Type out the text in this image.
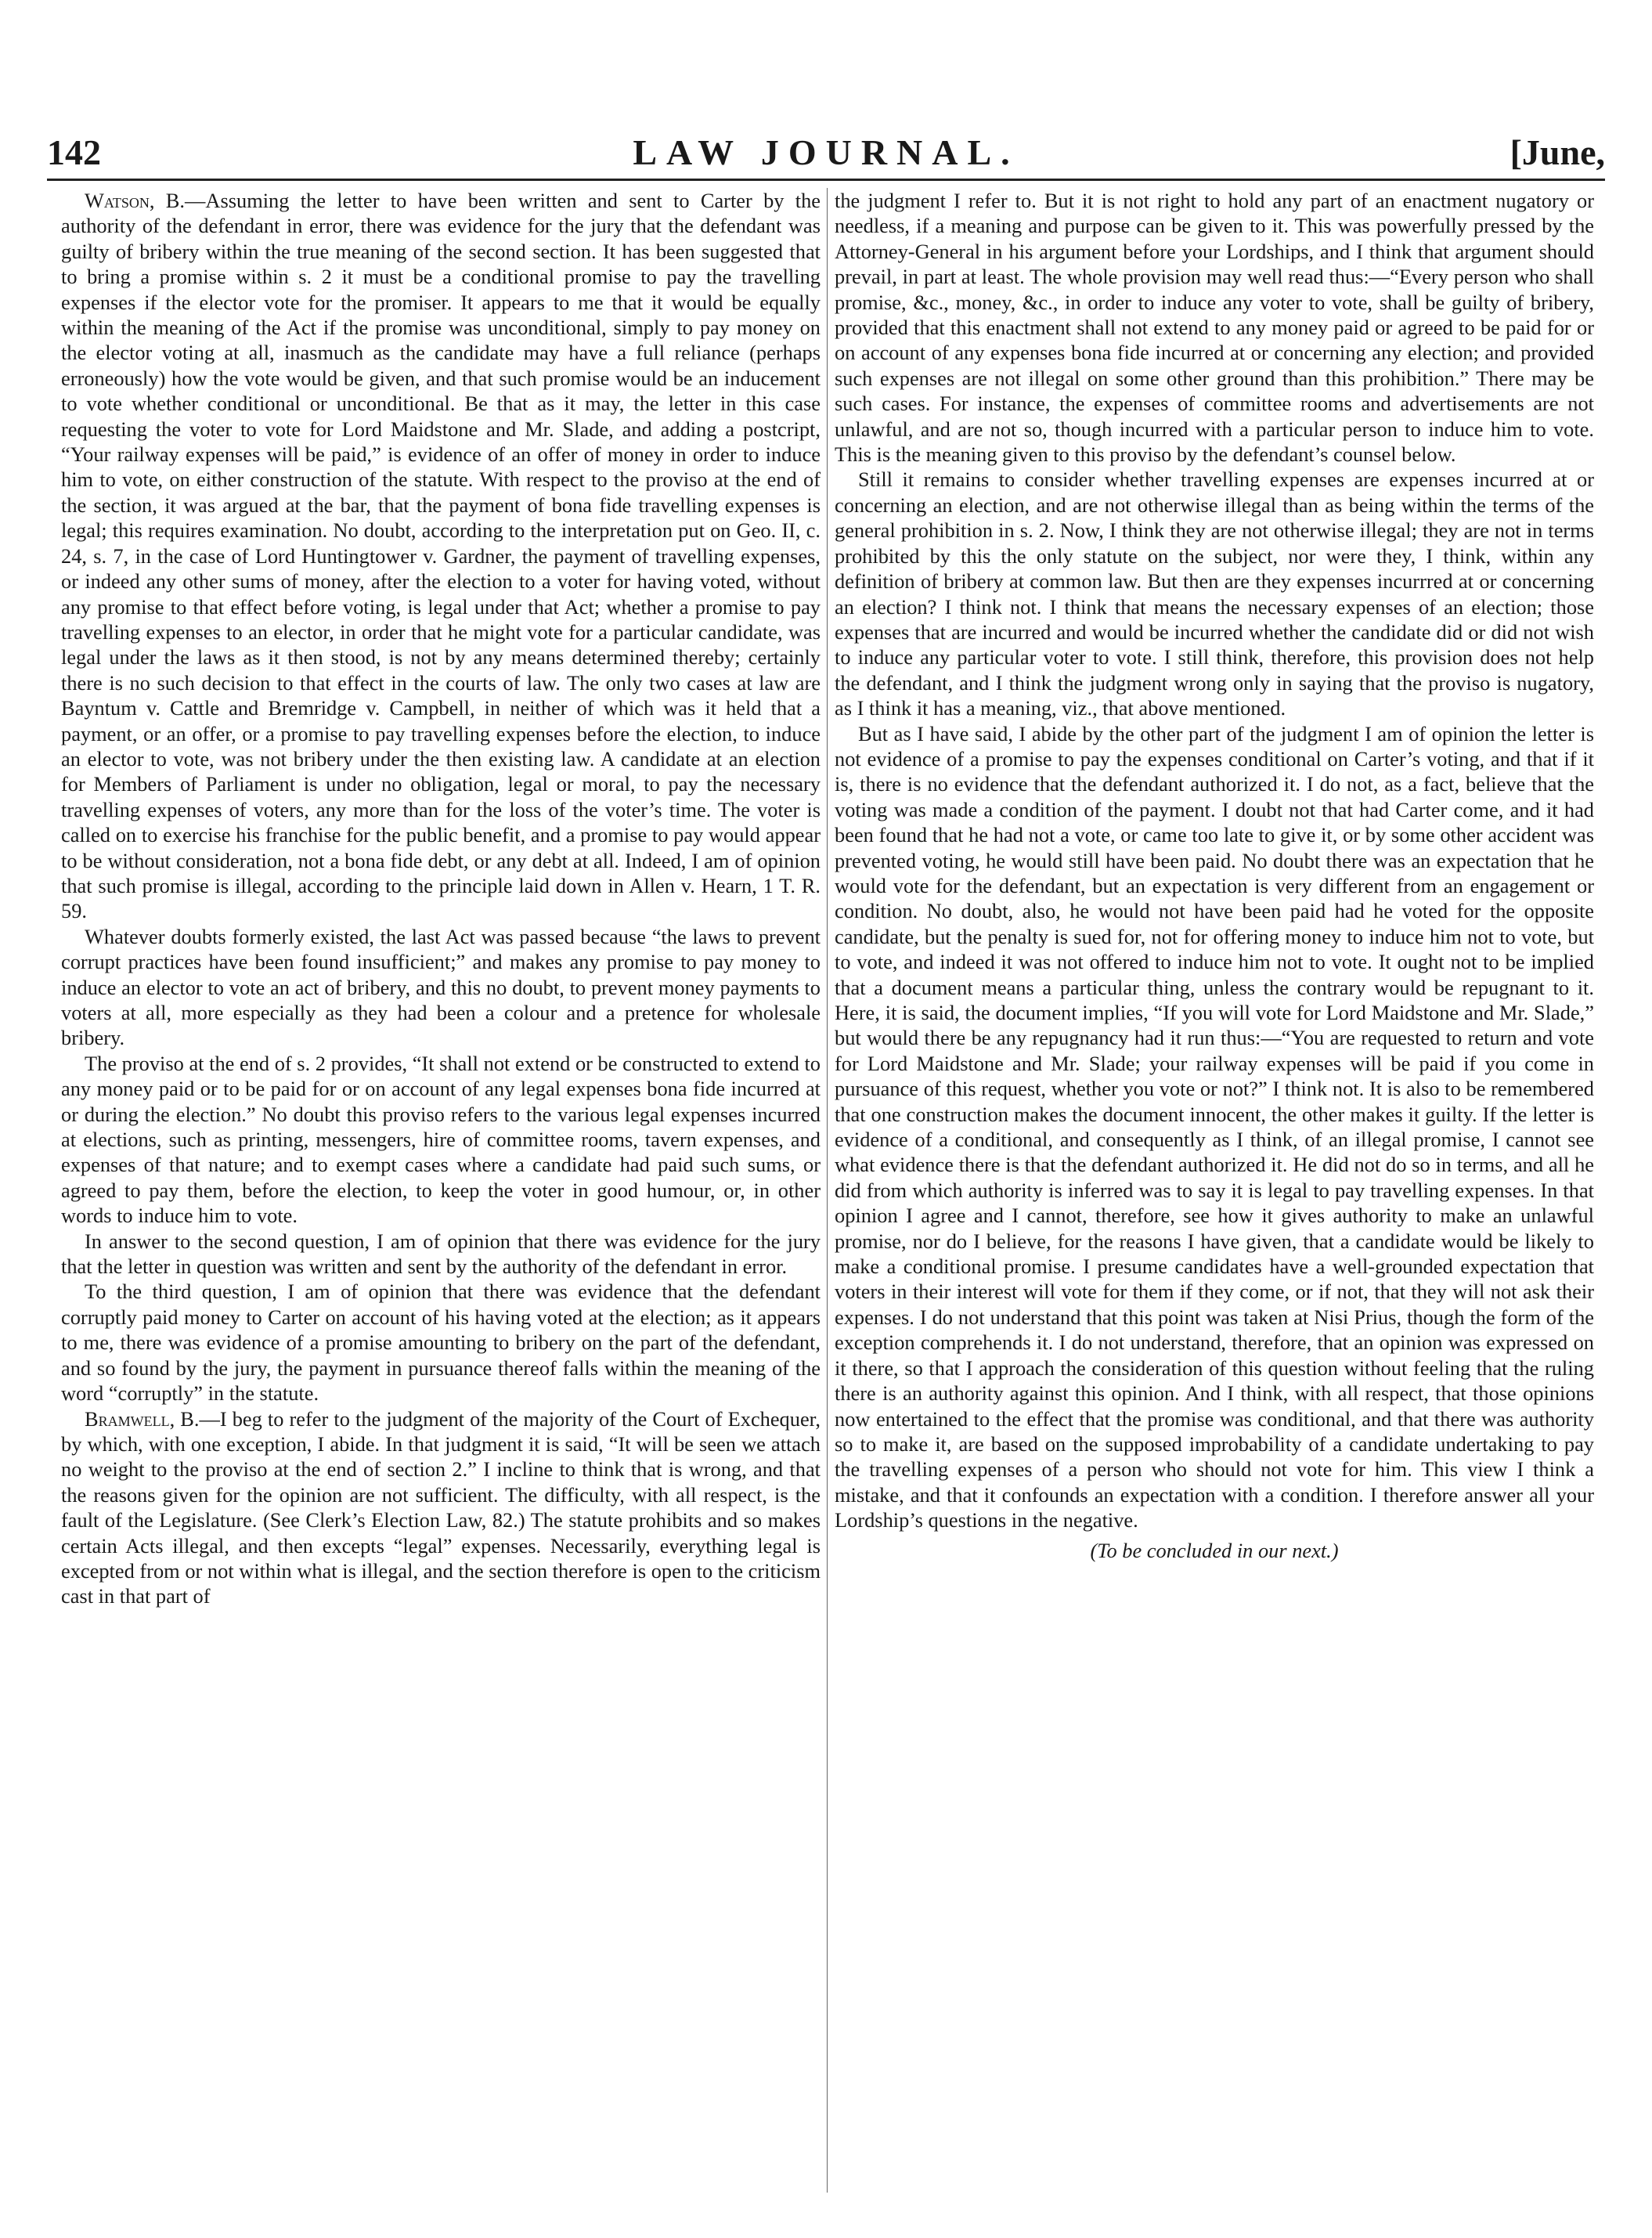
142	LAW JOURNAL.	[June,

Watson, B.—Assuming the letter to have been written and sent to Carter by the authority of the defendant in error, there was evidence for the jury that the defendant was guilty of bribery within the true meaning of the second section. It has been suggested that to bring a promise within s. 2 it must be a conditional promise to pay the travelling expenses if the elector vote for the promiser. It appears to me that it would be equally within the meaning of the Act if the promise was unconditional, simply to pay money on the elector voting at all, inasmuch as the candidate may have a full reliance (perhaps erroneously) how the vote would be given, and that such promise would be an inducement to vote whether conditional or unconditional. Be that as it may, the letter in this case requesting the voter to vote for Lord Maidstone and Mr. Slade, and adding a postcript, “Your railway expenses will be paid,” is evidence of an offer of money in order to induce him to vote, on either construction of the statute. With respect to the proviso at the end of the section, it was argued at the bar, that the payment of bona fide travelling expenses is legal; this requires examination. No doubt, according to the interpretation put on Geo. II, c. 24, s. 7, in the case of Lord Huntingtower v. Gardner, the payment of travelling expenses, or indeed any other sums of money, after the election to a voter for having voted, without any promise to that effect before voting, is legal under that Act; whether a promise to pay travelling expenses to an elector, in order that he might vote for a particular candidate, was legal under the laws as it then stood, is not by any means determined thereby; certainly there is no such decision to that effect in the courts of law. The only two cases at law are Bayntum v. Cattle and Bremridge v. Campbell, in neither of which was it held that a payment, or an offer, or a promise to pay travelling expenses before the election, to induce an elector to vote, was not bribery under the then existing law. A candidate at an election for Members of Parliament is under no obligation, legal or moral, to pay the necessary travelling expenses of voters, any more than for the loss of the voter’s time. The voter is called on to exercise his franchise for the public benefit, and a promise to pay would appear to be without consideration, not a bona fide debt, or any debt at all. Indeed, I am of opinion that such promise is illegal, according to the principle laid down in Allen v. Hearn, 1 T. R. 59.

Whatever doubts formerly existed, the last Act was passed because “the laws to prevent corrupt practices have been found insufficient;” and makes any promise to pay money to induce an elector to vote an act of bribery, and this no doubt, to prevent money payments to voters at all, more especially as they had been a colour and a pretence for wholesale bribery.

The proviso at the end of s. 2 provides, “It shall not extend or be constructed to extend to any money paid or to be paid for or on account of any legal expenses bona fide incurred at or during the election.” No doubt this proviso refers to the various legal expenses incurred at elections, such as printing, messengers, hire of committee rooms, tavern expenses, and expenses of that nature; and to exempt cases where a candidate had paid such sums, or agreed to pay them, before the election, to keep the voter in good humour, or, in other words to induce him to vote.

In answer to the second question, I am of opinion that there was evidence for the jury that the letter in question was written and sent by the authority of the defendant in error.

To the third question, I am of opinion that there was evidence that the defendant corruptly paid money to Carter on account of his having voted at the election; as it appears to me, there was evidence of a promise amounting to bribery on the part of the defendant, and so found by the jury, the payment in pursuance thereof falls within the meaning of the word “corruptly” in the statute.

Bramwell, B.—I beg to refer to the judgment of the majority of the Court of Exchequer, by which, with one exception, I abide. In that judgment it is said, “It will be seen we attach no weight to the proviso at the end of section 2.” I incline to think that is wrong, and that the reasons given for the opinion are not sufficient. The difficulty, with all respect, is the fault of the Legislature. (See Clerk’s Election Law, 82.) The statute prohibits and so makes certain Acts illegal, and then excepts “legal” expenses. Necessarily, everything legal is excepted from or not within what is illegal, and the section therefore is open to the criticism cast in that part of

the judgment I refer to. But it is not right to hold any part of an enactment nugatory or needless, if a meaning and purpose can be given to it. This was powerfully pressed by the Attorney-General in his argument before your Lordships, and I think that argument should prevail, in part at least. The whole provision may well read thus:—“Every person who shall promise, &c., money, &c., in order to induce any voter to vote, shall be guilty of bribery, provided that this enactment shall not extend to any money paid or agreed to be paid for or on account of any expenses bona fide incurred at or concerning any election; and provided such expenses are not illegal on some other ground than this prohibition.” There may be such cases. For instance, the expenses of committee rooms and advertisements are not unlawful, and are not so, though incurred with a particular person to induce him to vote. This is the meaning given to this proviso by the defendant’s counsel below.

Still it remains to consider whether travelling expenses are expenses incurred at or concerning an election, and are not otherwise illegal than as being within the terms of the general prohibition in s. 2. Now, I think they are not otherwise illegal; they are not in terms prohibited by this the only statute on the subject, nor were they, I think, within any definition of bribery at common law. But then are they expenses incurrred at or concerning an election? I think not. I think that means the necessary expenses of an election; those expenses that are incurred and would be incurred whether the candidate did or did not wish to induce any particular voter to vote. I still think, therefore, this provision does not help the defendant, and I think the judgment wrong only in saying that the proviso is nugatory, as I think it has a meaning, viz., that above mentioned.

But as I have said, I abide by the other part of the judgment I am of opinion the letter is not evidence of a promise to pay the expenses conditional on Carter’s voting, and that if it is, there is no evidence that the defendant authorized it. I do not, as a fact, believe that the voting was made a condition of the payment. I doubt not that had Carter come, and it had been found that he had not a vote, or came too late to give it, or by some other accident was prevented voting, he would still have been paid. No doubt there was an expectation that he would vote for the defendant, but an expectation is very different from an engagement or condition. No doubt, also, he would not have been paid had he voted for the opposite candidate, but the penalty is sued for, not for offering money to induce him not to vote, but to vote, and indeed it was not offered to induce him not to vote. It ought not to be implied that a document means a particular thing, unless the contrary would be repugnant to it. Here, it is said, the document implies, “If you will vote for Lord Maidstone and Mr. Slade,” but would there be any repugnancy had it run thus:—“You are requested to return and vote for Lord Maidstone and Mr. Slade; your railway expenses will be paid if you come in pursuance of this request, whether you vote or not?” I think not. It is also to be remembered that one construction makes the document innocent, the other makes it guilty. If the letter is evidence of a conditional, and consequently as I think, of an illegal promise, I cannot see what evidence there is that the defendant authorized it. He did not do so in terms, and all he did from which authority is inferred was to say it is legal to pay travelling expenses. In that opinion I agree and I cannot, therefore, see how it gives authority to make an unlawful promise, nor do I believe, for the reasons I have given, that a candidate would be likely to make a conditional promise. I presume candidates have a well-grounded expectation that voters in their interest will vote for them if they come, or if not, that they will not ask their expenses. I do not understand that this point was taken at Nisi Prius, though the form of the exception comprehends it. I do not understand, therefore, that an opinion was expressed on it there, so that I approach the consideration of this question without feeling that the ruling there is an authority against this opinion. And I think, with all respect, that those opinions now entertained to the effect that the promise was conditional, and that there was authority so to make it, are based on the supposed improbability of a candidate undertaking to pay the travelling expenses of a person who should not vote for him. This view I think a mistake, and that it confounds an expectation with a condition. I therefore answer all your Lordship’s questions in the negative.

(To be concluded in our next.)
